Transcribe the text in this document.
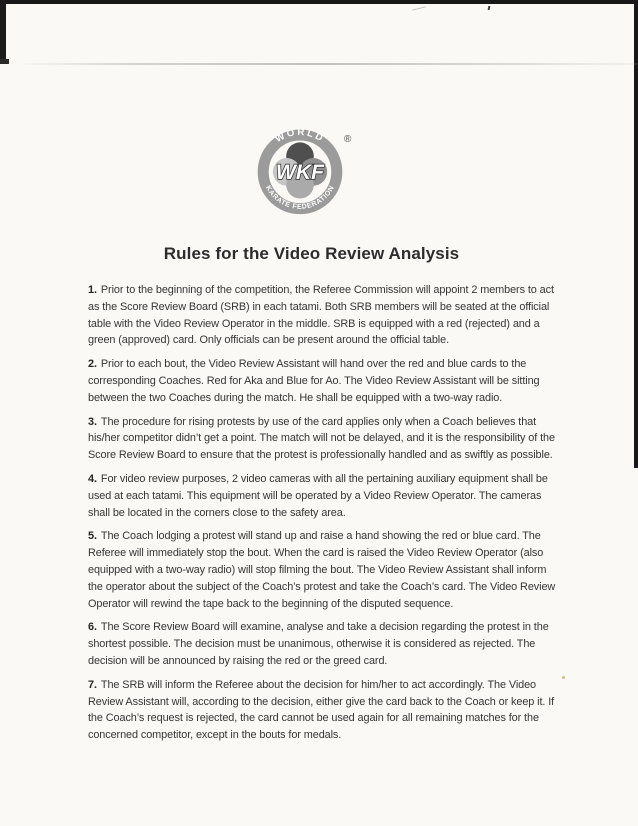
WORLD
KARATE FEDERATION
WKF
®
Rules for the Video Review Analysis

1. Prior to the beginning of the competition, the Referee Commission will appoint 2 members to act as the Score Review Board (SRB) in each tatami. Both SRB members will be seated at the official table with the Video Review Operator in the middle. SRB is equipped with a red (rejected) and a green (approved) card. Only officials can be present around the official table.

2. Prior to each bout, the Video Review Assistant will hand over the red and blue cards to the corresponding Coaches. Red for Aka and Blue for Ao. The Video Review Assistant will be sitting between the two Coaches during the match. He shall be equipped with a two-way radio.

3. The procedure for rising protests by use of the card applies only when a Coach believes that his/her competitor didn’t get a point. The match will not be delayed, and it is the responsibility of the Score Review Board to ensure that the protest is professionally handled and as swiftly as possible.

4. For video review purposes, 2 video cameras with all the pertaining auxiliary equipment shall be used at each tatami. This equipment will be operated by a Video Review Operator. The cameras shall be located in the corners close to the safety area.

5. The Coach lodging a protest will stand up and raise a hand showing the red or blue card. The Referee will immediately stop the bout. When the card is raised the Video Review Operator (also equipped with a two-way radio) will stop filming the bout. The Video Review Assistant shall inform the operator about the subject of the Coach’s protest and take the Coach’s card. The Video Review Operator will rewind the tape back to the beginning of the disputed sequence.

6. The Score Review Board will examine, analyse and take a decision regarding the protest in the shortest possible. The decision must be unanimous, otherwise it is considered as rejected. The decision will be announced by raising the red or the greed card.

7. The SRB will inform the Referee about the decision for him/her to act accordingly. The Video Review Assistant will, according to the decision, either give the card back to the Coach or keep it. If the Coach’s request is rejected, the card cannot be used again for all remaining matches for the concerned competitor, except in the bouts for medals.
